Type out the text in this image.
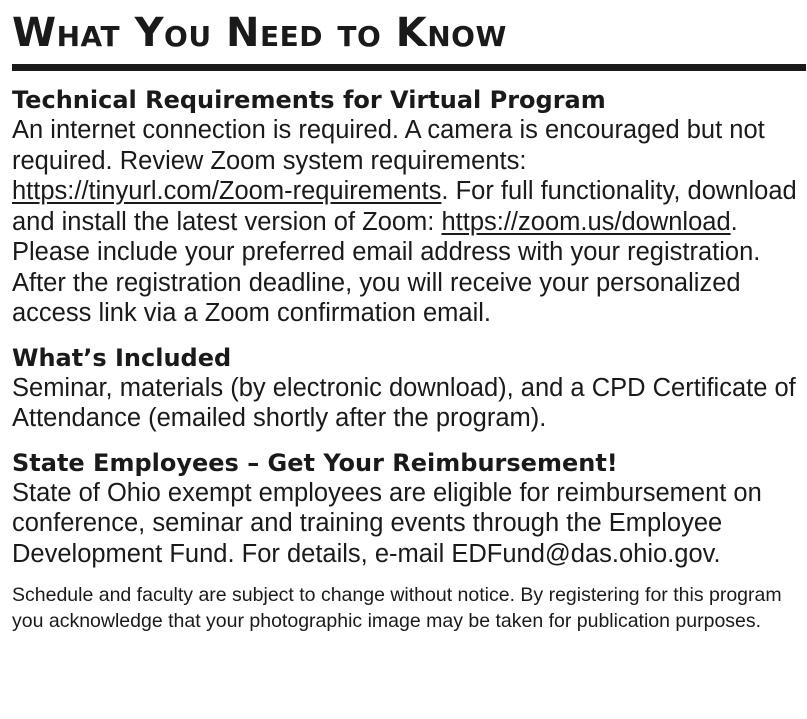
What You Need to Know
Technical Requirements for Virtual Program

An internet connection is required. A camera is encouraged but not required. Review Zoom system requirements: https://tinyurl.com/Zoom-requirements. For full functionality, download and install the latest version of Zoom: https://zoom.us/download. Please include your preferred email address with your registration. After the registration deadline, you will receive your personalized access link via a Zoom confirmation email.

What’s Included

Seminar, materials (by electronic download), and a CPD Certificate of Attendance (emailed shortly after the program).

State Employees – Get Your Reimbursement!

State of Ohio exempt employees are eligible for reimbursement on conference, seminar and training events through the Employee Development Fund. For details, e-mail EDFund@das.ohio.gov.

Schedule and faculty are subject to change without notice. By registering for this program you acknowledge that your photographic image may be taken for publication purposes.
